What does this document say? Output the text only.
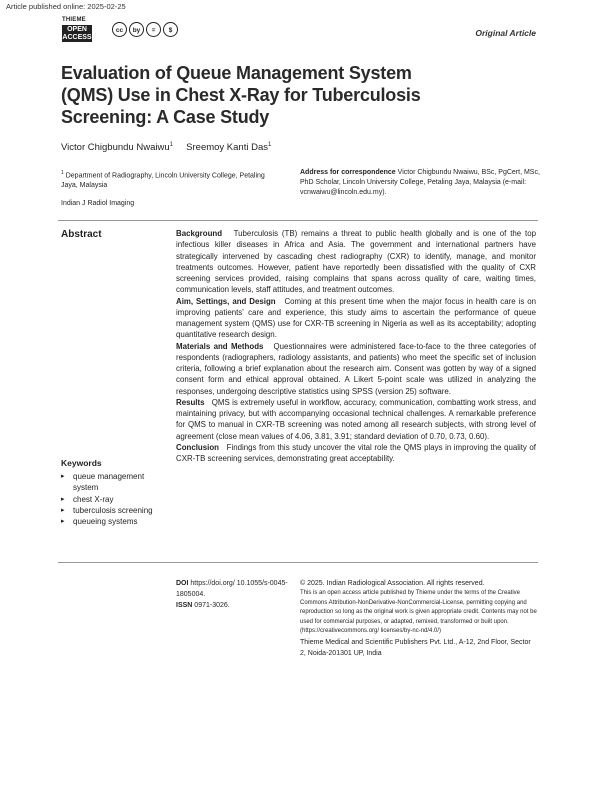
Article published online: 2025-02-25
THIEME
OPEN
ACCESS
cc	by	=	$	Original Article
Evaluation of Queue Management System (QMS) Use in Chest X-Ray for Tuberculosis Screening: A Case Study
Victor Chigbundu Nwaiwu$^1$ Sreemoy Kanti Das$^1$
$^1$ Department of Radiography, Lincoln University College, Petaling Jaya, Malaysia
Indian J Radiol Imaging
Address for correspondence Victor Chigbundu Nwaiwu, BSc, PgCert, MSc, PhD Scholar, Lincoln University College, Petaling Jaya, Malaysia (e-mail: vcnwaiwu@lincoln.edu.my).
Abstract	Background Tuberculosis (TB) remains a threat to public health globally and is one of the top infectious killer diseases in Africa and Asia. The government and international partners have strategically intervened by cascading chest radiography (CXR) to identify, manage, and monitor treatments outcomes. However, patient have reportedly been dissatisfied with the quality of CXR screening services provided, raising complains that spans across quality of care, waiting times, communication levels, staff attitudes, and treatment outcomes.

Aim, Settings, and Design Coming at this present time when the major focus in health care is on improving patients' care and experience, this study aims to ascertain the performance of queue management system (QMS) use for CXR-TB screening in Nigeria as well as its acceptability; adopting quantitative research design.

Materials and Methods Questionnaires were administered face-to-face to the three categories of respondents (radiographers, radiology assistants, and patients) who meet the specific set of inclusion criteria, following a brief explanation about the research aim. Consent was gotten by way of a signed consent form and ethical approval obtained. A Likert 5-point scale was utilized in analyzing the responses, undergoing descriptive statistics using SPSS (version 25) software.

Results QMS is extremely useful in workflow, accuracy, communication, combatting work stress, and maintaining privacy, but with accompanying occasional technical challenges. A remarkable preference for QMS to manual in CXR-TB screening was noted among all research subjects, with strong level of agreement (close mean values of 4.06, 3.81, 3.91; standard deviation of 0.70, 0.73, 0.60).

Conclusion Findings from this study uncover the vital role the QMS plays in improving the quality of CXR-TB screening services, demonstrating great acceptability.

Keywords
▸ queue management system
▸ chest X-ray
▸ tuberculosis screening
▸ queueing systems
DOI https://doi.org/ 10.1055/s-0045-1805004.
ISSN 0971-3026.
© 2025. Indian Radiological Association. All rights reserved.
This is an open access article published by Thieme under the terms of the Creative Commons Attribution-NonDerivative-NonCommercial-License, permitting copying and reproduction so long as the original work is given appropriate credit. Contents may not be used for commercial purposes, or adapted, remixed, transformed or built upon. (https://creativecommons.org/ licenses/by-nc-nd/4.0/)
Thieme Medical and Scientific Publishers Pvt. Ltd., A-12, 2nd Floor, Sector 2, Noida-201301 UP, India
